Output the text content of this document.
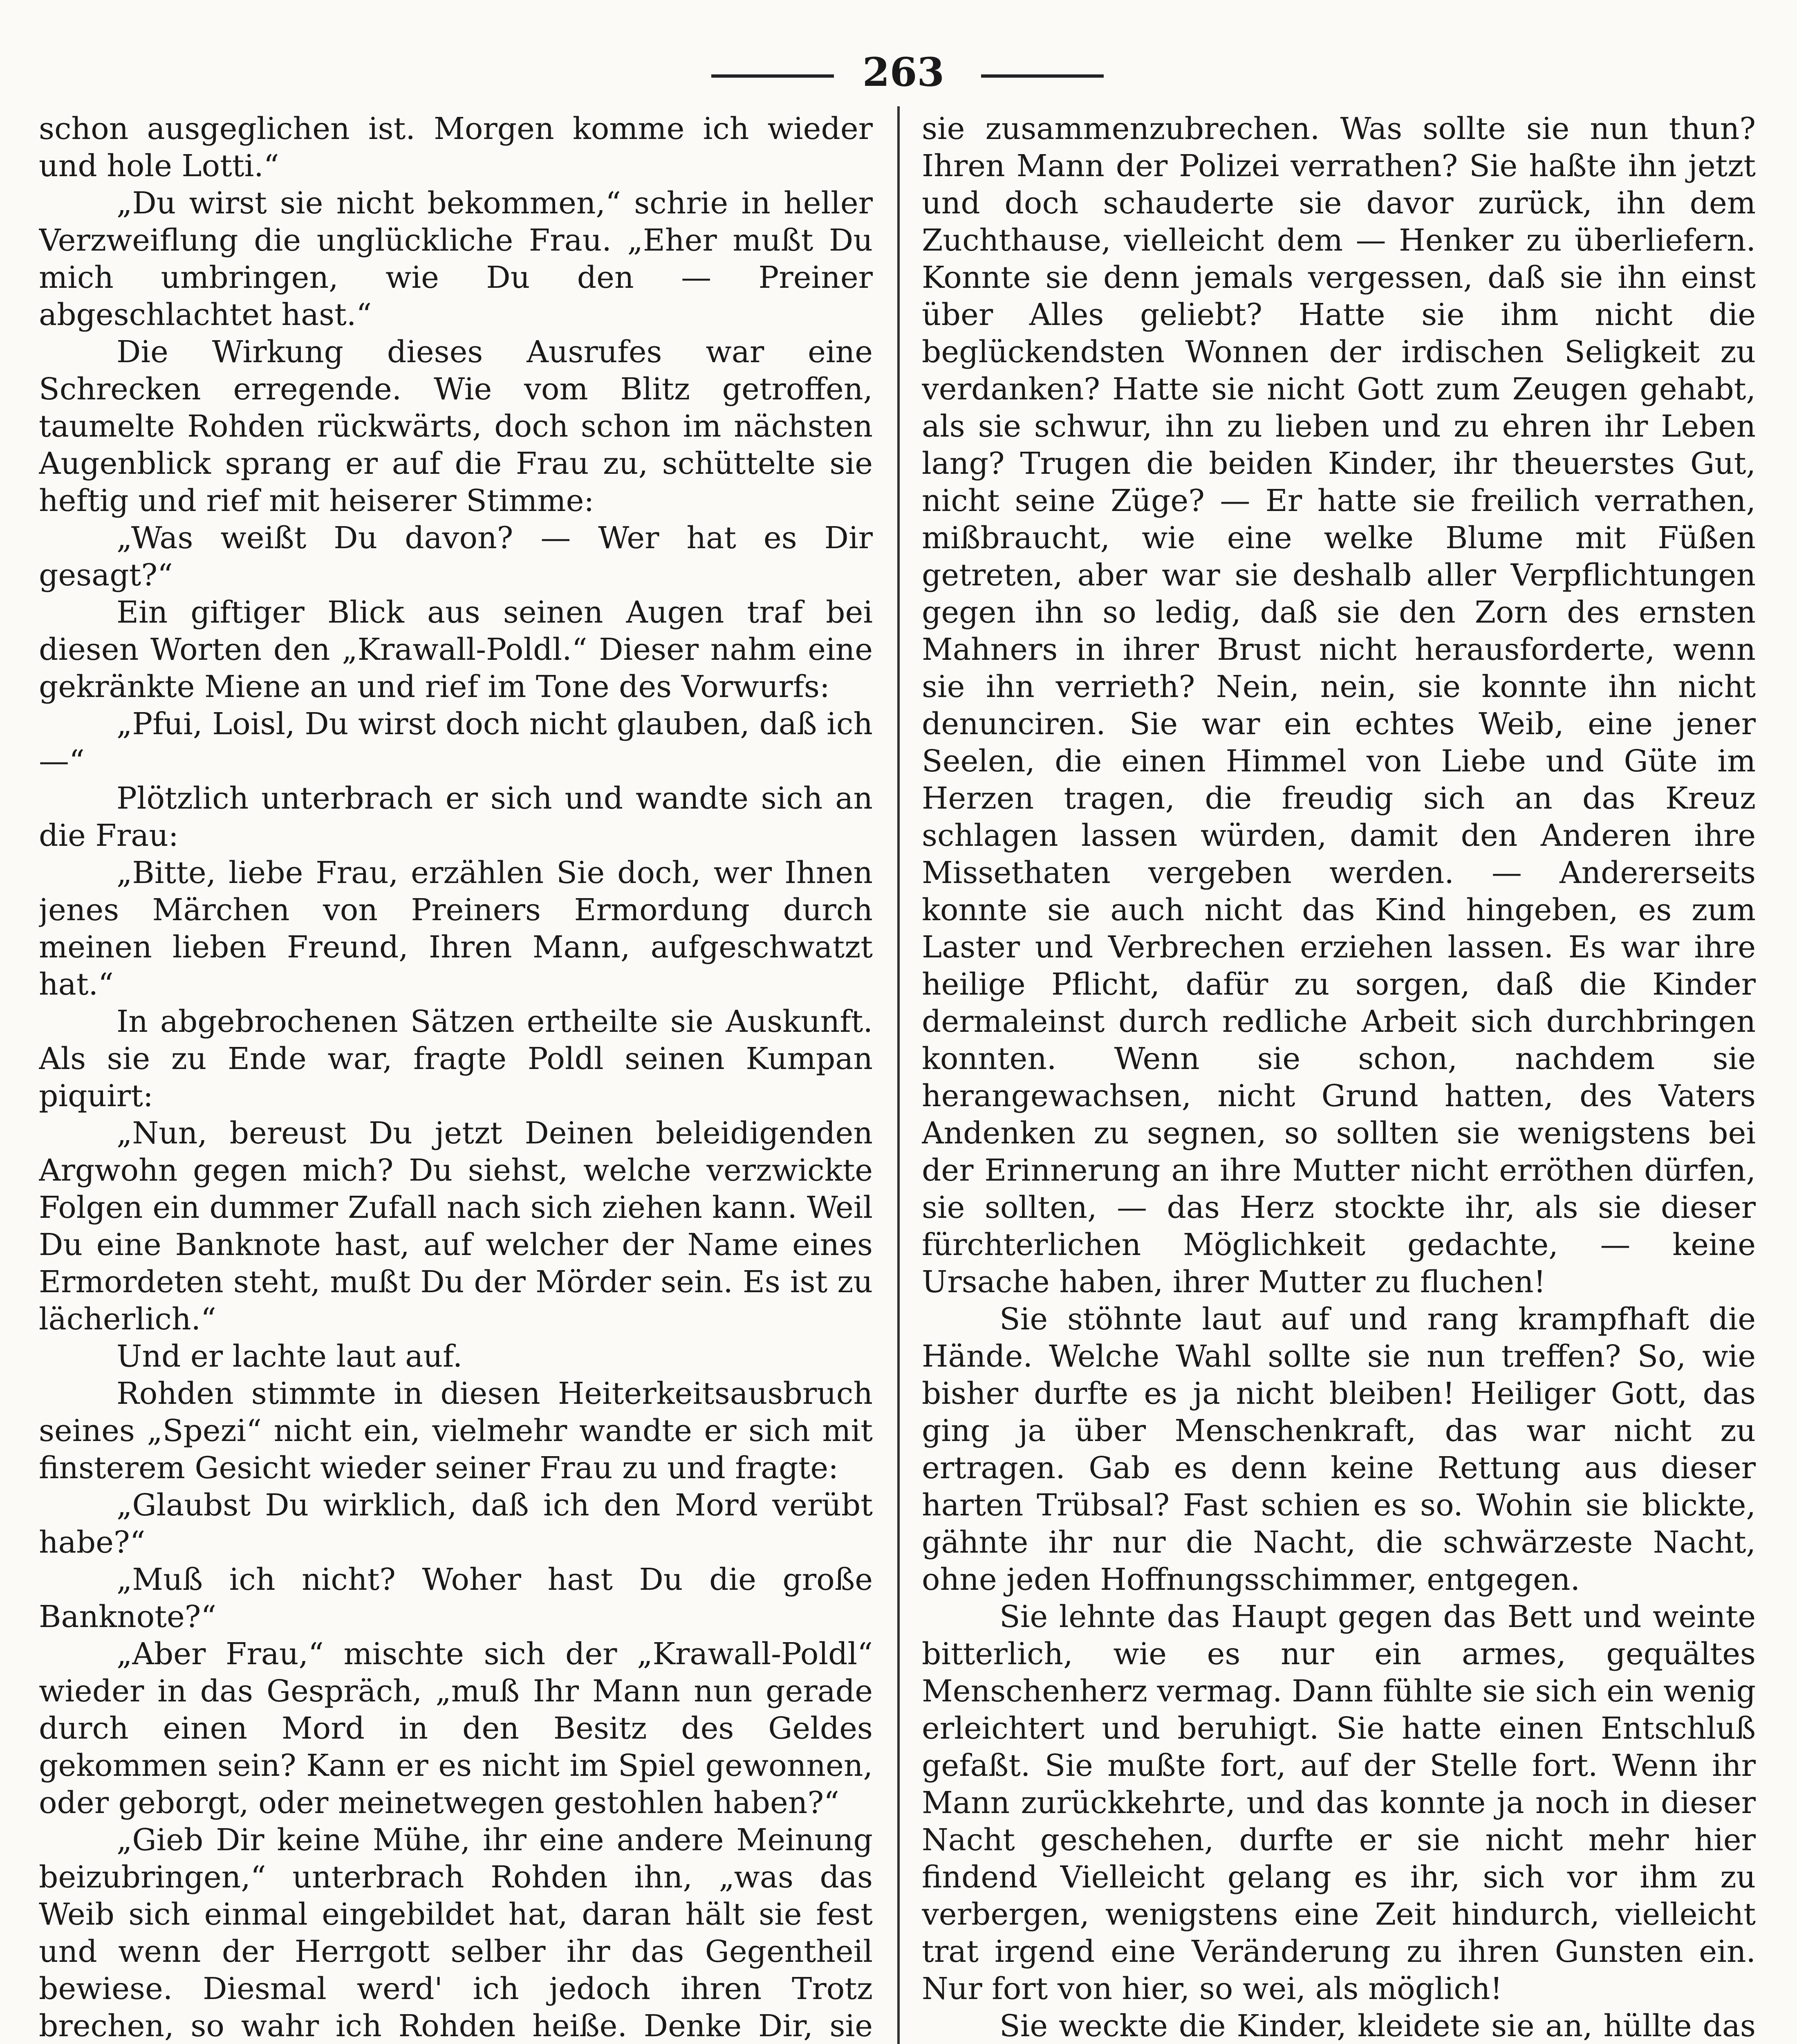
263

schon ausgeglichen ist. Morgen komme ich wieder und hole Lotti.“

„Du wirst sie nicht bekommen,“ schrie in heller Verzweiflung die unglückliche Frau. „Eher mußt Du mich umbringen, wie Du den — Preiner abgeschlachtet hast.“

Die Wirkung dieses Ausrufes war eine Schrecken erregende. Wie vom Blitz getroffen, taumelte Rohden rückwärts, doch schon im nächsten Augenblick sprang er auf die Frau zu, schüttelte sie heftig und rief mit heiserer Stimme:

„Was weißt Du davon? — Wer hat es Dir gesagt?“

Ein giftiger Blick aus seinen Augen traf bei diesen Worten den „Krawall-Poldl.“ Dieser nahm eine gekränkte Miene an und rief im Tone des Vorwurfs:

„Pfui, Loisl, Du wirst doch nicht glauben, daß ich —“

Plötzlich unterbrach er sich und wandte sich an die Frau:

„Bitte, liebe Frau, erzählen Sie doch, wer Ihnen jenes Märchen von Preiners Ermordung durch meinen lieben Freund, Ihren Mann, aufgeschwatzt hat.“

In abgebrochenen Sätzen ertheilte sie Auskunft. Als sie zu Ende war, fragte Poldl seinen Kumpan piquirt:

„Nun, bereust Du jetzt Deinen beleidigenden Argwohn gegen mich? Du siehst, welche verzwickte Folgen ein dummer Zufall nach sich ziehen kann. Weil Du eine Banknote hast, auf welcher der Name eines Ermordeten steht, mußt Du der Mörder sein. Es ist zu lächerlich.“

Und er lachte laut auf.

Rohden stimmte in diesen Heiterkeitsausbruch seines „Spezi“ nicht ein, vielmehr wandte er sich mit finsterem Gesicht wieder seiner Frau zu und fragte:

„Glaubst Du wirklich, daß ich den Mord verübt habe?“

„Muß ich nicht? Woher hast Du die große Banknote?“

„Aber Frau,“ mischte sich der „Krawall-Poldl“ wieder in das Gespräch, „muß Ihr Mann nun gerade durch einen Mord in den Besitz des Geldes gekommen sein? Kann er es nicht im Spiel gewonnen, oder geborgt, oder meinetwegen gestohlen haben?“

„Gieb Dir keine Mühe, ihr eine andere Meinung beizubringen,“ unterbrach Rohden ihn, „was das Weib sich einmal eingebildet hat, daran hält sie fest und wenn der Herrgott selber ihr das Gegentheil bewiese. Diesmal werd' ich jedoch ihren Trotz brechen, so wahr ich Rohden heiße. Denke Dir, sie

sie zusammenzubrechen. Was sollte sie nun thun? Ihren Mann der Polizei verrathen? Sie haßte ihn jetzt und doch schauderte sie davor zurück, ihn dem Zuchthause, vielleicht dem — Henker zu überliefern. Konnte sie denn jemals vergessen, daß sie ihn einst über Alles geliebt? Hatte sie ihm nicht die beglückendsten Wonnen der irdischen Seligkeit zu verdanken? Hatte sie nicht Gott zum Zeugen gehabt, als sie schwur, ihn zu lieben und zu ehren ihr Leben lang? Trugen die beiden Kinder, ihr theuerstes Gut, nicht seine Züge? — Er hatte sie freilich verrathen, mißbraucht, wie eine welke Blume mit Füßen getreten, aber war sie deshalb aller Verpflichtungen gegen ihn so ledig, daß sie den Zorn des ernsten Mahners in ihrer Brust nicht herausforderte, wenn sie ihn verrieth? Nein, nein, sie konnte ihn nicht denunciren. Sie war ein echtes Weib, eine jener Seelen, die einen Himmel von Liebe und Güte im Herzen tragen, die freudig sich an das Kreuz schlagen lassen würden, damit den Anderen ihre Missethaten vergeben werden. — Andererseits konnte sie auch nicht das Kind hingeben, es zum Laster und Verbrechen erziehen lassen. Es war ihre heilige Pflicht, dafür zu sorgen, daß die Kinder dermaleinst durch redliche Arbeit sich durchbringen konnten. Wenn sie schon, nachdem sie herangewachsen, nicht Grund hatten, des Vaters Andenken zu segnen, so sollten sie wenigstens bei der Erinnerung an ihre Mutter nicht erröthen dürfen, sie sollten, — das Herz stockte ihr, als sie dieser fürchterlichen Möglichkeit gedachte, — keine Ursache haben, ihrer Mutter zu fluchen!

Sie stöhnte laut auf und rang krampfhaft die Hände. Welche Wahl sollte sie nun treffen? So, wie bisher durfte es ja nicht bleiben! Heiliger Gott, das ging ja über Menschenkraft, das war nicht zu ertragen. Gab es denn keine Rettung aus dieser harten Trübsal? Fast schien es so. Wohin sie blickte, gähnte ihr nur die Nacht, die schwärzeste Nacht, ohne jeden Hoffnungsschimmer, entgegen.

Sie lehnte das Haupt gegen das Bett und weinte bitterlich, wie es nur ein armes, gequältes Menschenherz vermag. Dann fühlte sie sich ein wenig erleichtert und beruhigt. Sie hatte einen Entschluß gefaßt. Sie mußte fort, auf der Stelle fort. Wenn ihr Mann zurückkehrte, und das konnte ja noch in dieser Nacht geschehen, durfte er sie nicht mehr hier findend Vielleicht gelang es ihr, sich vor ihm zu verbergen, wenigstens eine Zeit hindurch, vielleicht trat irgend eine Veränderung zu ihren Gunsten ein. Nur fort von hier, so wei, als möglich!

Sie weckte die Kinder, kleidete sie an, hüllte das
